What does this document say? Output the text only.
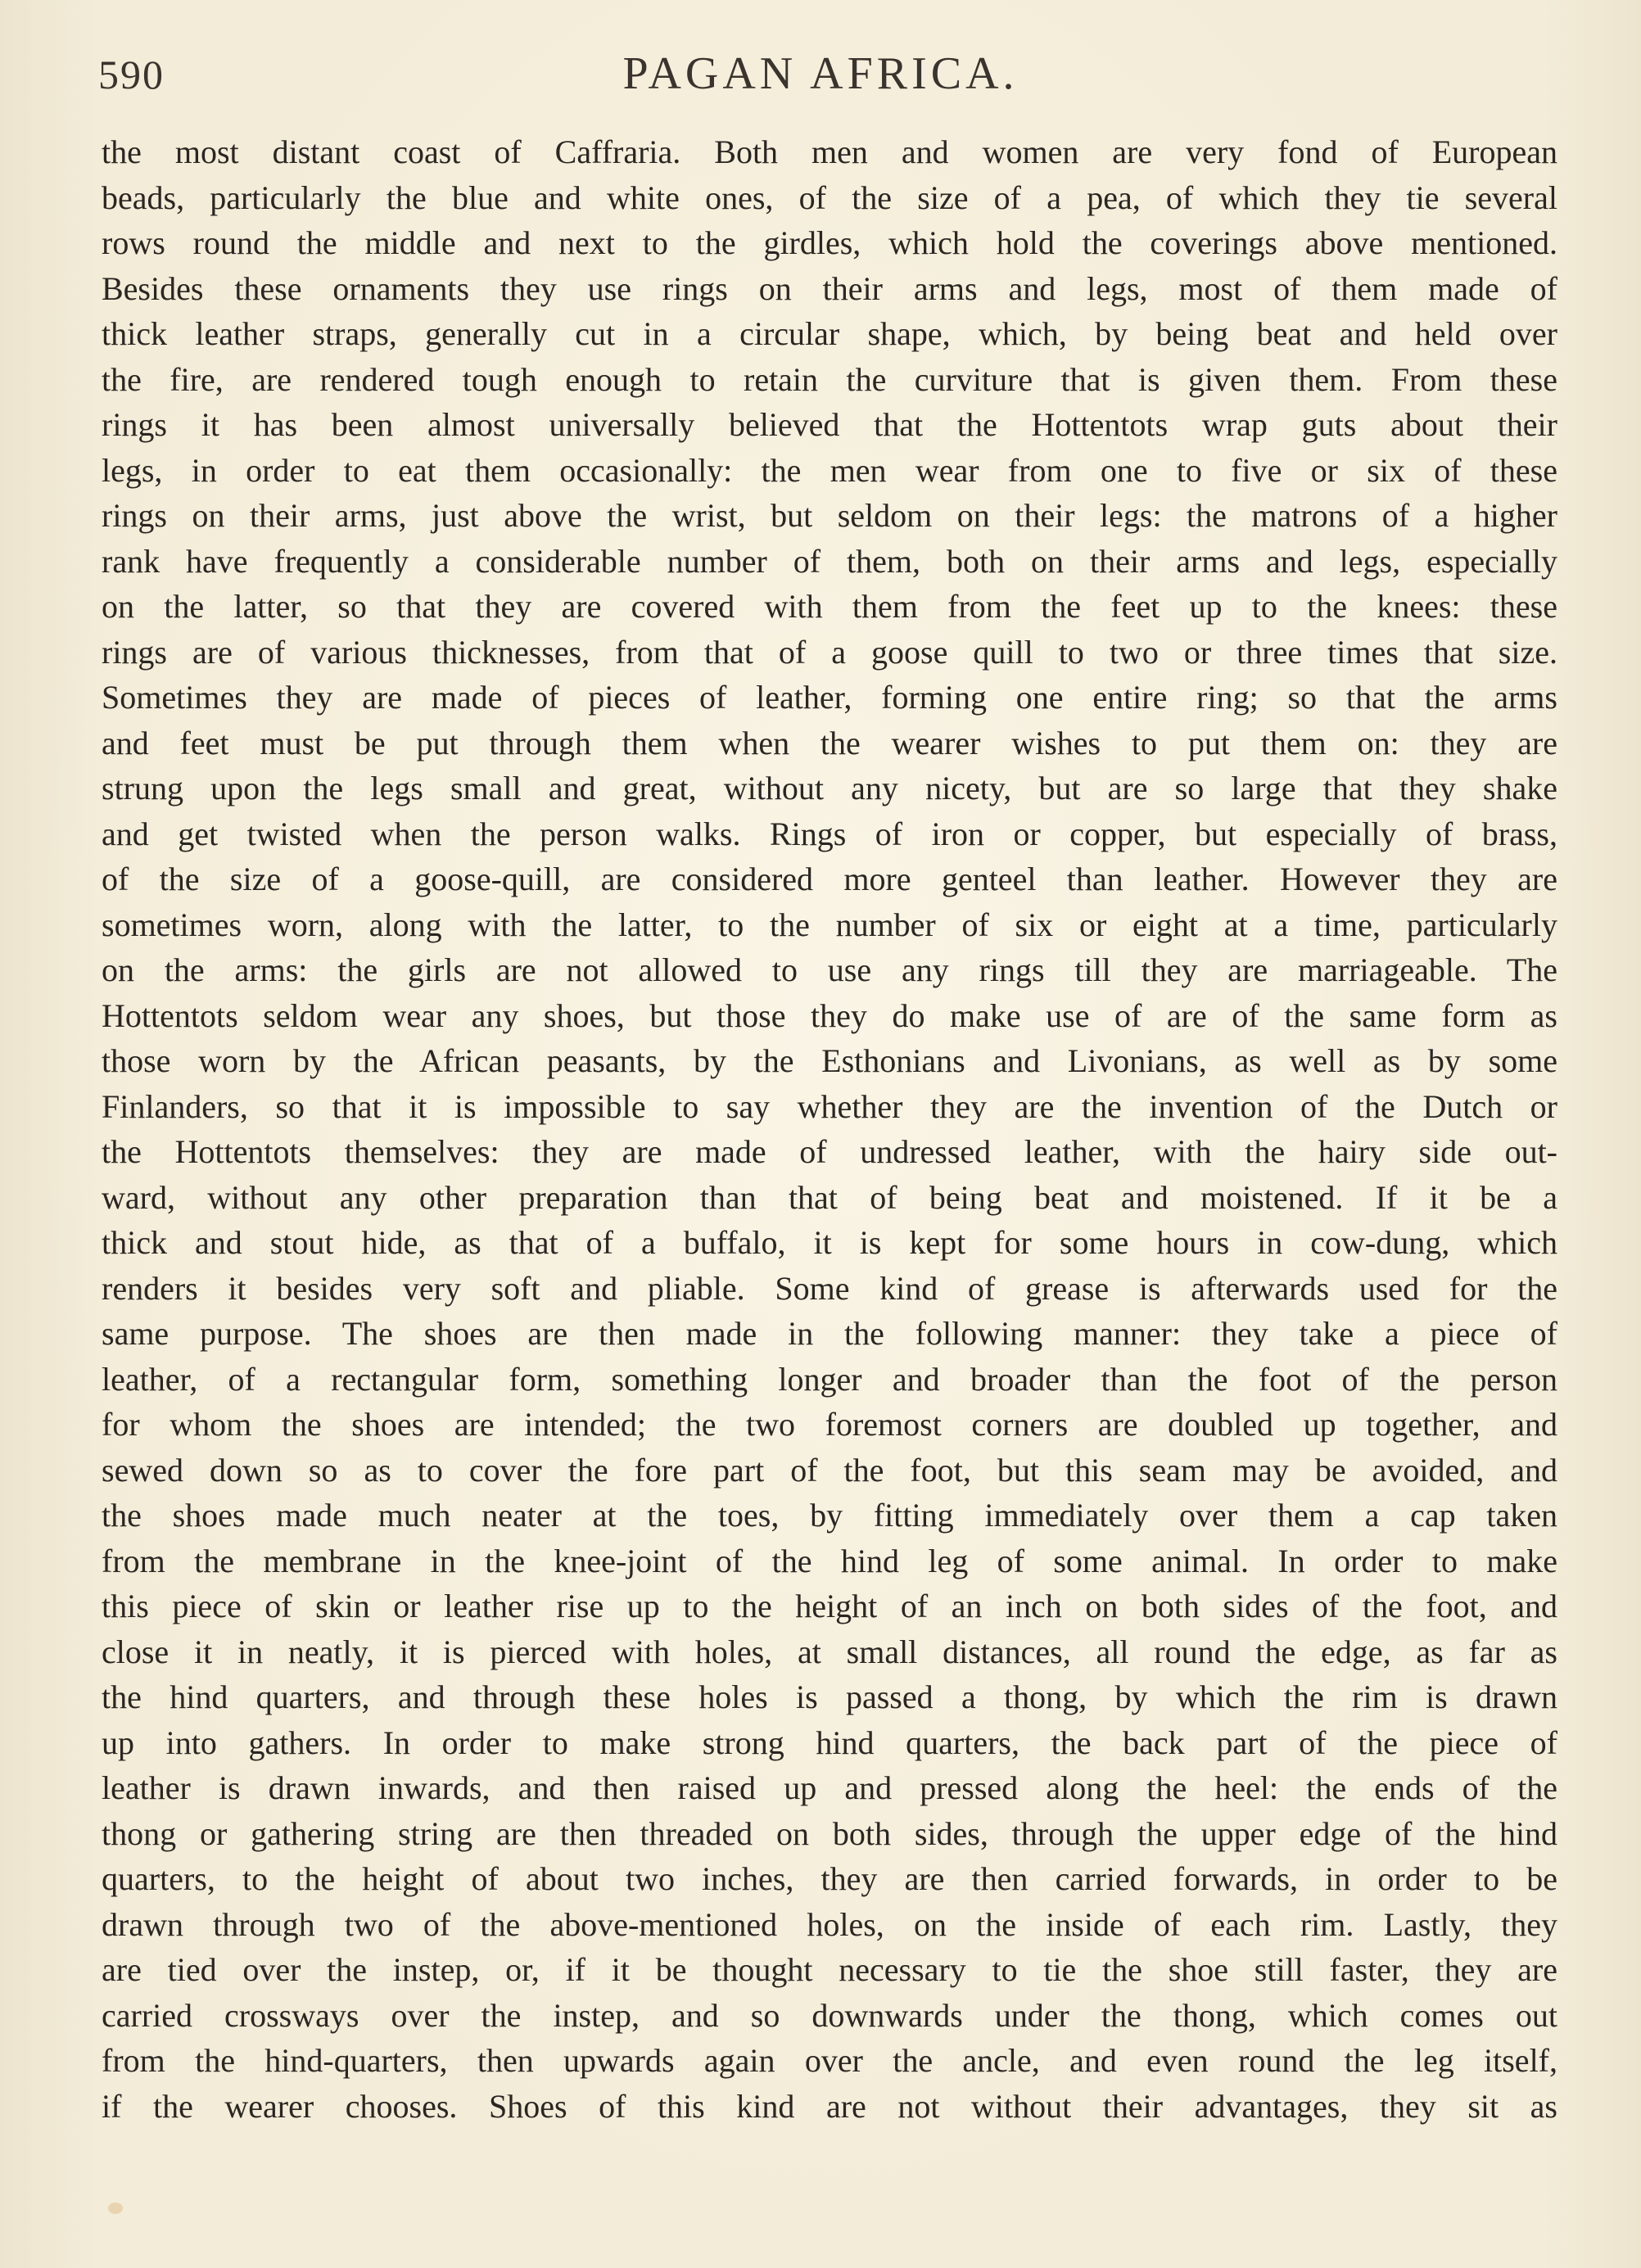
590	PAGAN AFRICA.
the most distant coast of Caffraria. Both men and women are very fond of European
beads, particularly the blue and white ones, of the size of a pea, of which they tie several
rows round the middle and next to the girdles, which hold the coverings above mentioned.
Besides these ornaments they use rings on their arms and legs, most of them made of
thick leather straps, generally cut in a circular shape, which, by being beat and held over
the fire, are rendered tough enough to retain the curviture that is given them. From these
rings it has been almost universally believed that the Hottentots wrap guts about their
legs, in order to eat them occasionally: the men wear from one to five or six of these
rings on their arms, just above the wrist, but seldom on their legs: the matrons of a higher
rank have frequently a considerable number of them, both on their arms and legs, especially
on the latter, so that they are covered with them from the feet up to the knees: these
rings are of various thicknesses, from that of a goose quill to two or three times that size.
Sometimes they are made of pieces of leather, forming one entire ring; so that the arms
and feet must be put through them when the wearer wishes to put them on: they are
strung upon the legs small and great, without any nicety, but are so large that they shake
and get twisted when the person walks. Rings of iron or copper, but especially of brass,
of the size of a goose-quill, are considered more genteel than leather. However they are
sometimes worn, along with the latter, to the number of six or eight at a time, particularly
on the arms: the girls are not allowed to use any rings till they are marriageable. The
Hottentots seldom wear any shoes, but those they do make use of are of the same form as
those worn by the African peasants, by the Esthonians and Livonians, as well as by some
Finlanders, so that it is impossible to say whether they are the invention of the Dutch or
the Hottentots themselves: they are made of undressed leather, with the hairy side out-
ward, without any other preparation than that of being beat and moistened. If it be a
thick and stout hide, as that of a buffalo, it is kept for some hours in cow-dung, which
renders it besides very soft and pliable. Some kind of grease is afterwards used for the
same purpose. The shoes are then made in the following manner: they take a piece of
leather, of a rectangular form, something longer and broader than the foot of the person
for whom the shoes are intended; the two foremost corners are doubled up together, and
sewed down so as to cover the fore part of the foot, but this seam may be avoided, and
the shoes made much neater at the toes, by fitting immediately over them a cap taken
from the membrane in the knee-joint of the hind leg of some animal. In order to make
this piece of skin or leather rise up to the height of an inch on both sides of the foot, and
close it in neatly, it is pierced with holes, at small distances, all round the edge, as far as
the hind quarters, and through these holes is passed a thong, by which the rim is drawn
up into gathers. In order to make strong hind quarters, the back part of the piece of
leather is drawn inwards, and then raised up and pressed along the heel: the ends of the
thong or gathering string are then threaded on both sides, through the upper edge of the hind
quarters, to the height of about two inches, they are then carried forwards, in order to be
drawn through two of the above-mentioned holes, on the inside of each rim. Lastly, they
are tied over the instep, or, if it be thought necessary to tie the shoe still faster, they are
carried crossways over the instep, and so downwards under the thong, which comes out
from the hind-quarters, then upwards again over the ancle, and even round the leg itself,
if the wearer chooses. Shoes of this kind are not without their advantages, they sit as
